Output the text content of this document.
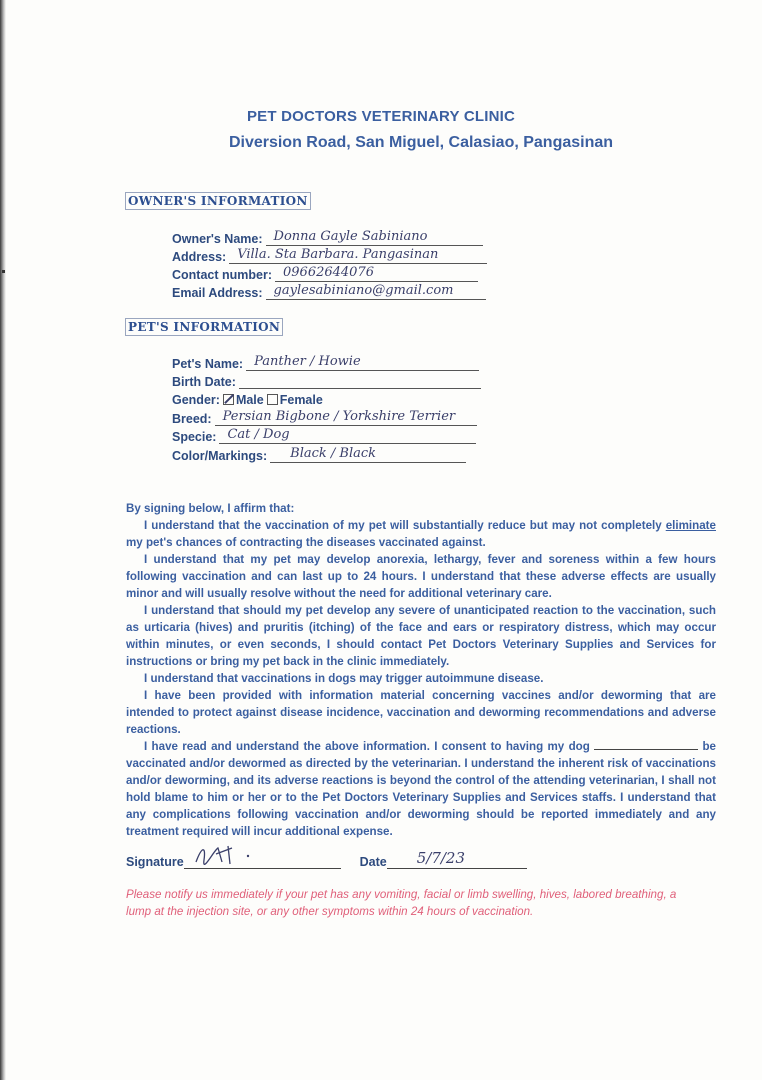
PET DOCTORS VETERINARY CLINIC
Diversion Road, San Miguel, Calasiao, Pangasinan
OWNER'S INFORMATION
Owner's Name: Donna Gayle Sabiniano
Address: Villa. Sta Barbara. Pangasinan
Contact number: 09662644076
Email Address: gaylesabiniano@gmail.com
PET'S INFORMATION
Pet's Name: Panther / Howie
Birth Date:
Gender: Male Female
Breed: Persian Bigbone / Yorkshire Terrier
Specie: Cat / Dog
Color/Markings: Black / Black

By signing below, I affirm that:

I understand that the vaccination of my pet will substantially reduce but may not completely eliminate my pet's chances of contracting the diseases vaccinated against.

I understand that my pet may develop anorexia, lethargy, fever and soreness within a few hours following vaccination and can last up to 24 hours. I understand that these adverse effects are usually minor and will usually resolve without the need for additional veterinary care.

I understand that should my pet develop any severe of unanticipated reaction to the vaccination, such as urticaria (hives) and pruritis (itching) of the face and ears or respiratory distress, which may occur within minutes, or even seconds, I should contact Pet Doctors Veterinary Supplies and Services for instructions or bring my pet back in the clinic immediately.

I understand that vaccinations in dogs may trigger autoimmune disease.

I have been provided with information material concerning vaccines and/or deworming that are intended to protect against disease incidence, vaccination and deworming recommendations and adverse reactions.

I have read and understand the above information. I consent to having my dog	be vaccinated and/or dewormed as directed by the veterinarian. I understand the inherent risk of vaccinations and/or deworming, and its adverse reactions is beyond the control of the attending veterinarian, I shall not hold blame to him or her or to the Pet Doctors Veterinary Supplies and Services staffs. I understand that any complications following vaccination and/or deworming should be reported immediately and any treatment required will incur additional expense.

Signature	Date 5/7/23
Please notify us immediately if your pet has any vomiting, facial or limb swelling, hives, labored breathing, a lump at the injection site, or any other symptoms within 24 hours of vaccination.
